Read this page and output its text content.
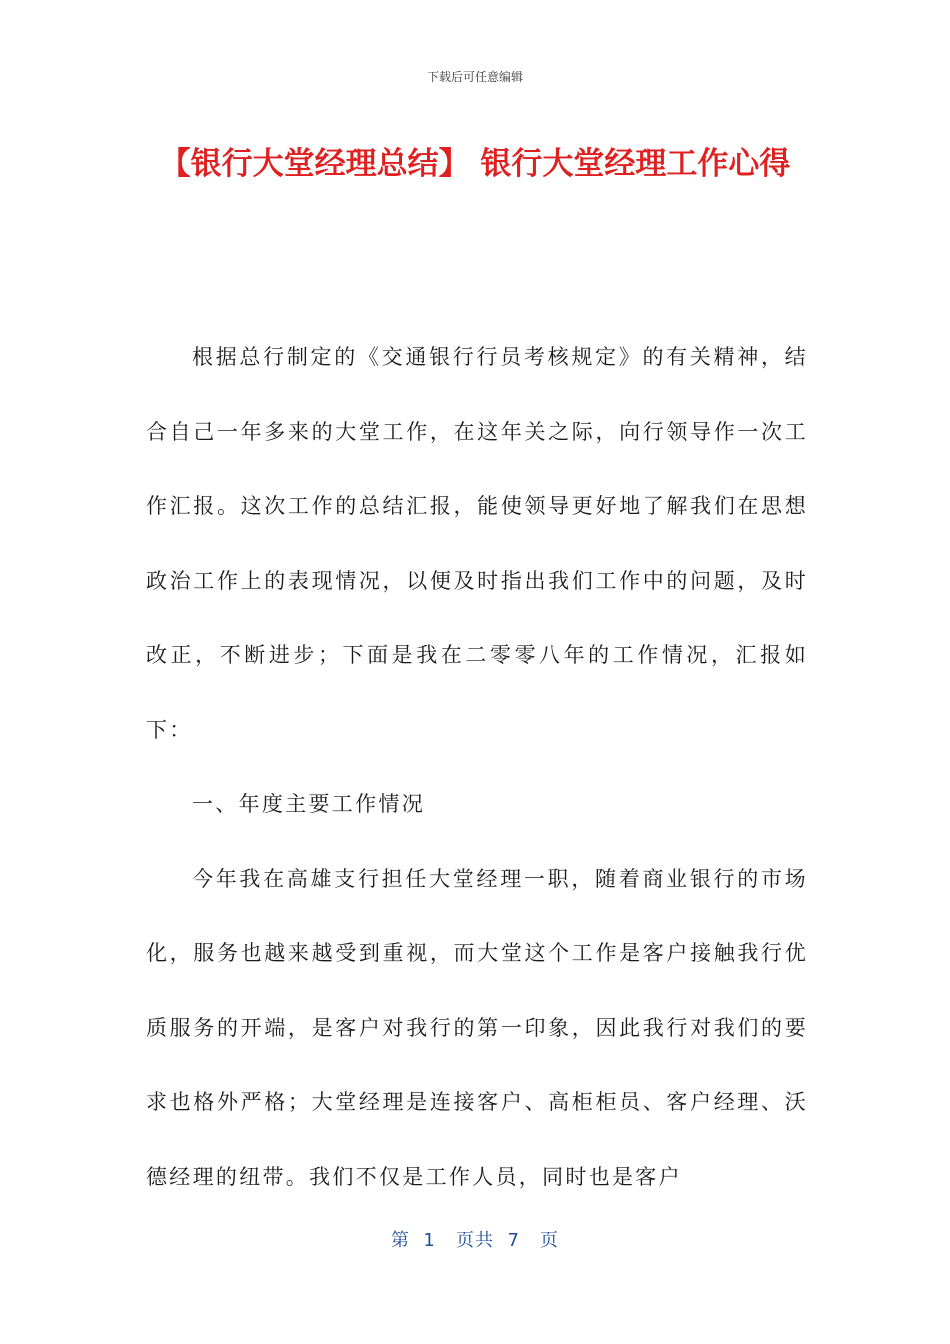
下载后可任意编辑
【银行大堂经理总结】 银行大堂经理工作心得

根据总行制定的《交通银行行员考核规定》的有关精神，结合自己一年多来的大堂工作，在这年关之际，向行领导作一次工作汇报。这次工作的总结汇报，能使领导更好地了解我们在思想政治工作上的表现情况，以便及时指出我们工作中的问题，及时改正，不断进步；下面是我在二零零八年的工作情况，汇报如下：

一、年度主要工作情况

今年我在高雄支行担任大堂经理一职，随着商业银行的市场化，服务也越来越受到重视，而大堂这个工作是客户接触我行优质服务的开端，是客户对我行的第一印象，因此我行对我们的要求也格外严格；大堂经理是连接客户、高柜柜员、客户经理、沃德经理的纽带。我们不仅是工作人员，同时也是客户

第  1   页共  7   页
